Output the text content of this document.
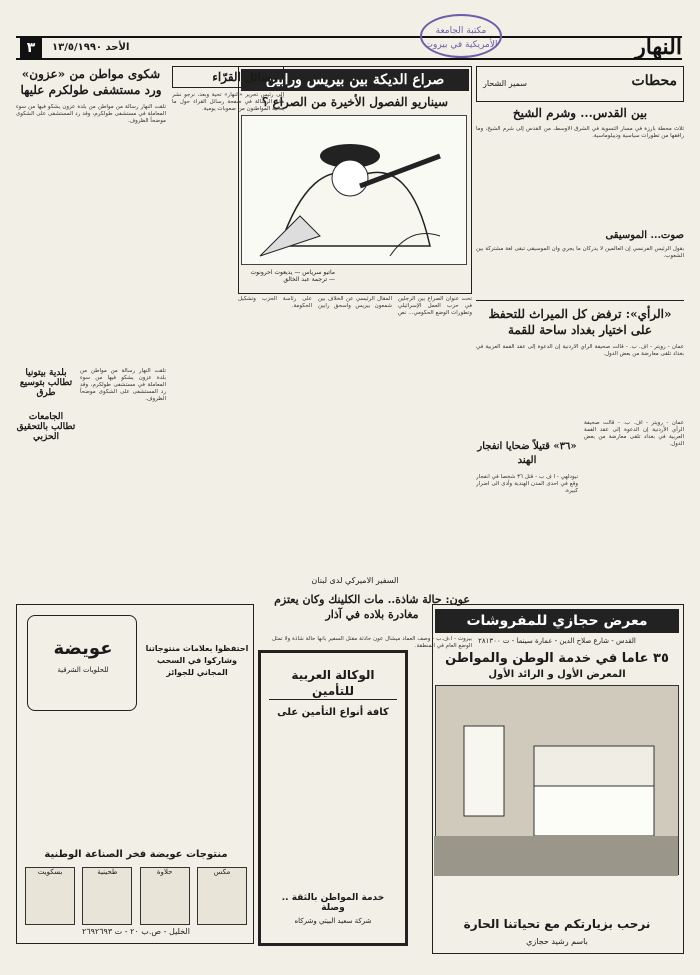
النهار
٣	الأحد ١٣/٥/١٩٩٠
مكتبة الجامعة الأمريكية في بيروت
محطات
سمير الشحار
بين القدس... وشرم الشيخ
ثلاث محطة بارزة في مسار التسوية في الشرق الأوسط، من القدس إلى شرم الشيخ، وما رافقها من تطورات سياسية وديبلوماسية.
صوت... الموسيقى
بقول الرئيس الفرنسي إن العالمين لا يدركان ما يجري وان الموسيقى تبقى لغة مشتركة بين الشعوب.
«الرأي»: ترفض كل الميراث للتحفظ على اختيار بغداد ساحة للقمة
عمان - رويتر - اف. ب. - قالت صحيفة الرأي الأردنية إن الدعوة إلى عقد القمة العربية في بغداد تلقى معارضة من بعض الدول.
عمان - رويتر - اف. ب. - قالت صحيفة الرأي الأردنية إن الدعوة إلى عقد القمة العربية في بغداد تلقى معارضة من بعض الدول.
«٣٦» قتيلاً ضحايا انفجار الهند
نيودلهي - ا ف ب - قتل ٣٦ شخصاً في انفجار وقع في احدى المدن الهندية وأدى الى اضرار كبيرة.
صراع الديكة بين بيريس ورابين
سيناريو الفصول الأخيرة من الصراع ؟
ماتيو سرياس — يديعوت احرونوت — ترجمة عبد الخالق
تحت عنوان الصراع بين الرجلين في حزب العمل الإسرائيلي وتطورات الوضع الحكومي... نص المقال الرئيسي عن الخلاف بين شمعون بيريس واسحق رابين على رئاسة الحزب وتشكيل الحكومة.
رسائل القرّاء
إلى رئيس تحرير «النهار» تحية وبعد، نرجو نشر هذه الرسالة في صفحة رسائل القراء حول ما يعانيه المواطنون من صعوبات يومية.
شكوى مواطن من «عزون» ورد مستشفى طولكرم عليها
تلقت النهار رسالة من مواطن من بلدة عزون يشكو فيها من سوء المعاملة في مستشفى طولكرم، وقد رد المستشفى على الشكوى موضحاً الظروف.
بلدية بيتونيا تطالب بتوسيع طرق
الجامعات تطالب بالتحقيق الحزبي
تلقت النهار رسالة من مواطن من بلدة عزون يشكو فيها من سوء المعاملة في مستشفى طولكرم، وقد رد المستشفى على الشكوى موضحاً الظروف.
السفير الاميركي لدى لبنان
عون: حالة شاذة.. مات الكلينك وكان يعتزم مغادرة بلاده في آذار
بيروت - ا.ف.ب - وصف العماد ميشال عون حادثة مقتل السفير بأنها حالة شاذة ولا تمثل الوضع العام في المنطقة.
معرض حجازي للمفروشات
القدس - شارع صلاح الدين - عمارة سينما - ت ٢٨١٣٠٠
٣٥ عاما في خدمة الوطن والمواطن
المعرض الأول و الرائد الأول
نرحب بزيارتكم مع تحياتنا الحارة
باسم رشيد حجازي
الوكالة العربية للتأمين
كافة أنواع التأمين على
خدمة المواطن بالثقة .. وصلة
شركة سعيد البيتي وشركاه
عويضة
للحلويات الشرقية
احتفظوا بعلامات منتوجاتنا وشاركوا في السحب المجاني للجوائز
منتوجات عويضة فخر الصناعة الوطنية
مكس
حلاوة
طحينية
بسكويت
الخليل - ص.ب ٢٠ - ت ٢٦٩٢٦٩٣
